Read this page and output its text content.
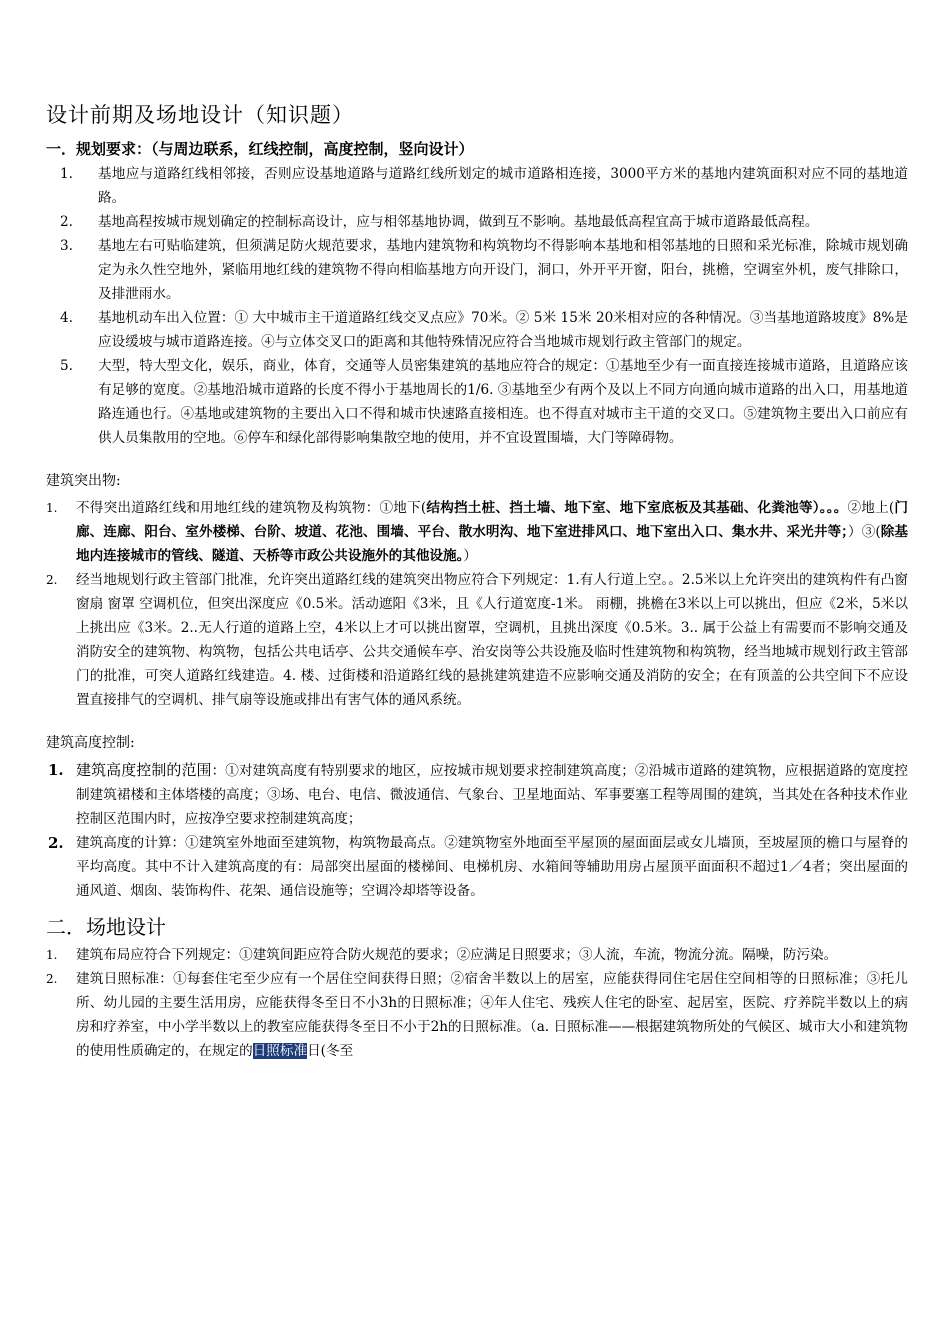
设计前期及场地设计（知识题）
一．规划要求：（与周边联系，红线控制，高度控制，竖向设计）
1. 基地应与道路红线相邻接，否则应设基地道路与道路红线所划定的城市道路相连接，3000平方米的基地内建筑面积对应不同的基地道路。
2. 基地高程按城市规划确定的控制标高设计，应与相邻基地协调，做到互不影响。基地最低高程宜高于城市道路最低高程。
3. 基地左右可贴临建筑，但须满足防火规范要求，基地内建筑物和构筑物均不得影响本基地和相邻基地的日照和采光标准，除城市规划确定为永久性空地外，紧临用地红线的建筑物不得向相临基地方向开设门，洞口，外开平开窗，阳台，挑檐，空调室外机，废气排除口，及排泄雨水。
4. 基地机动车出入位置：① 大中城市主干道道路红线交叉点应》70米。② 5米 15米 20米相对应的各种情况。③当基地道路坡度》8%是应设缓坡与城市道路连接。④与立体交叉口的距离和其他特殊情况应符合当地城市规划行政主管部门的规定。
5. 大型，特大型文化，娱乐，商业，体育，交通等人员密集建筑的基地应符合的规定：①基地至少有一面直接连接城市道路，且道路应该有足够的宽度。②基地沿城市道路的长度不得小于基地周长的1/6. ③基地至少有两个及以上不同方向通向城市道路的出入口，用基地道路连通也行。④基地或建筑物的主要出入口不得和城市快速路直接相连。也不得直对城市主干道的交叉口。⑤建筑物主要出入口前应有供人员集散用的空地。⑥停车和绿化部得影响集散空地的使用，并不宜设置围墙，大门等障碍物。
建筑突出物:
1. 不得突出道路红线和用地红线的建筑物及构筑物：①地下(结构挡土桩、挡土墙、地下室、地下室底板及其基础、化粪池等）。。。②地上(门廊、连廊、阳台、室外楼梯、台阶、坡道、花池、围墙、平台、散水明沟、地下室进排风口、地下室出入口、集水井、采光井等；）③(除基地内连接城市的管线、隧道、天桥等市政公共设施外的其他设施。）
2. 经当地规划行政主管部门批准，允许突出道路红线的建筑突出物应符合下列规定：1.有人行道上空。。2.5米以上允许突出的建筑构件有凸窗 窗扇 窗罩 空调机位，但突出深度应《0.5米。活动遮阳《3米，且《人行道宽度-1米。 雨棚，挑檐在3米以上可以挑出，但应《2米，5米以上挑出应《3米。2..无人行道的道路上空，4米以上才可以挑出窗罩，空调机，且挑出深度《0.5米。3.. 属于公益上有需要而不影响交通及消防安全的建筑物、构筑物，包括公共电话亭、公共交通候车亭、治安岗等公共设施及临时性建筑物和构筑物，经当地城市规划行政主管部门的批准，可突人道路红线建造。4. 楼、过街楼和沿道路红线的悬挑建筑建造不应影响交通及消防的安全；在有顶盖的公共空间下不应设置直接排气的空调机、排气扇等设施或排出有害气体的通风系统。
建筑高度控制:
1. 建筑高度控制的范围：①对建筑高度有特别要求的地区，应按城市规划要求控制建筑高度；②沿城市道路的建筑物，应根据道路的宽度控制建筑裙楼和主体塔楼的高度；③场、电台、电信、微波通信、气象台、卫星地面站、军事要塞工程等周围的建筑，当其处在各种技术作业控制区范围内时，应按净空要求控制建筑高度；
2. 建筑高度的计算：①建筑室外地面至建筑物，构筑物最高点。②建筑物室外地面至平屋顶的屋面面层或女儿墙顶，至坡屋顶的檐口与屋脊的平均高度。其中不计入建筑高度的有：局部突出屋面的楼梯间、电梯机房、水箱间等辅助用房占屋顶平面面积不超过1／4者；突出屋面的通风道、烟囱、装饰构件、花架、通信设施等；空调冷却塔等设备。
二．场地设计
1. 建筑布局应符合下列规定：①建筑间距应符合防火规范的要求；②应满足日照要求；③人流，车流，物流分流。隔噪，防污染。
2. 建筑日照标准：①每套住宅至少应有一个居住空间获得日照；②宿舍半数以上的居室，应能获得同住宅居住空间相等的日照标准；③托儿所、幼儿园的主要生活用房，应能获得冬至日不小3h的日照标准；④年人住宅、残疾人住宅的卧室、起居室，医院、疗养院半数以上的病房和疗养室，中小学半数以上的教室应能获得冬至日不小于2h的日照标准。（a. 日照标准——根据建筑物所处的气候区、城市大小和建筑物的使用性质确定的，在规定的日照标准日(冬至
